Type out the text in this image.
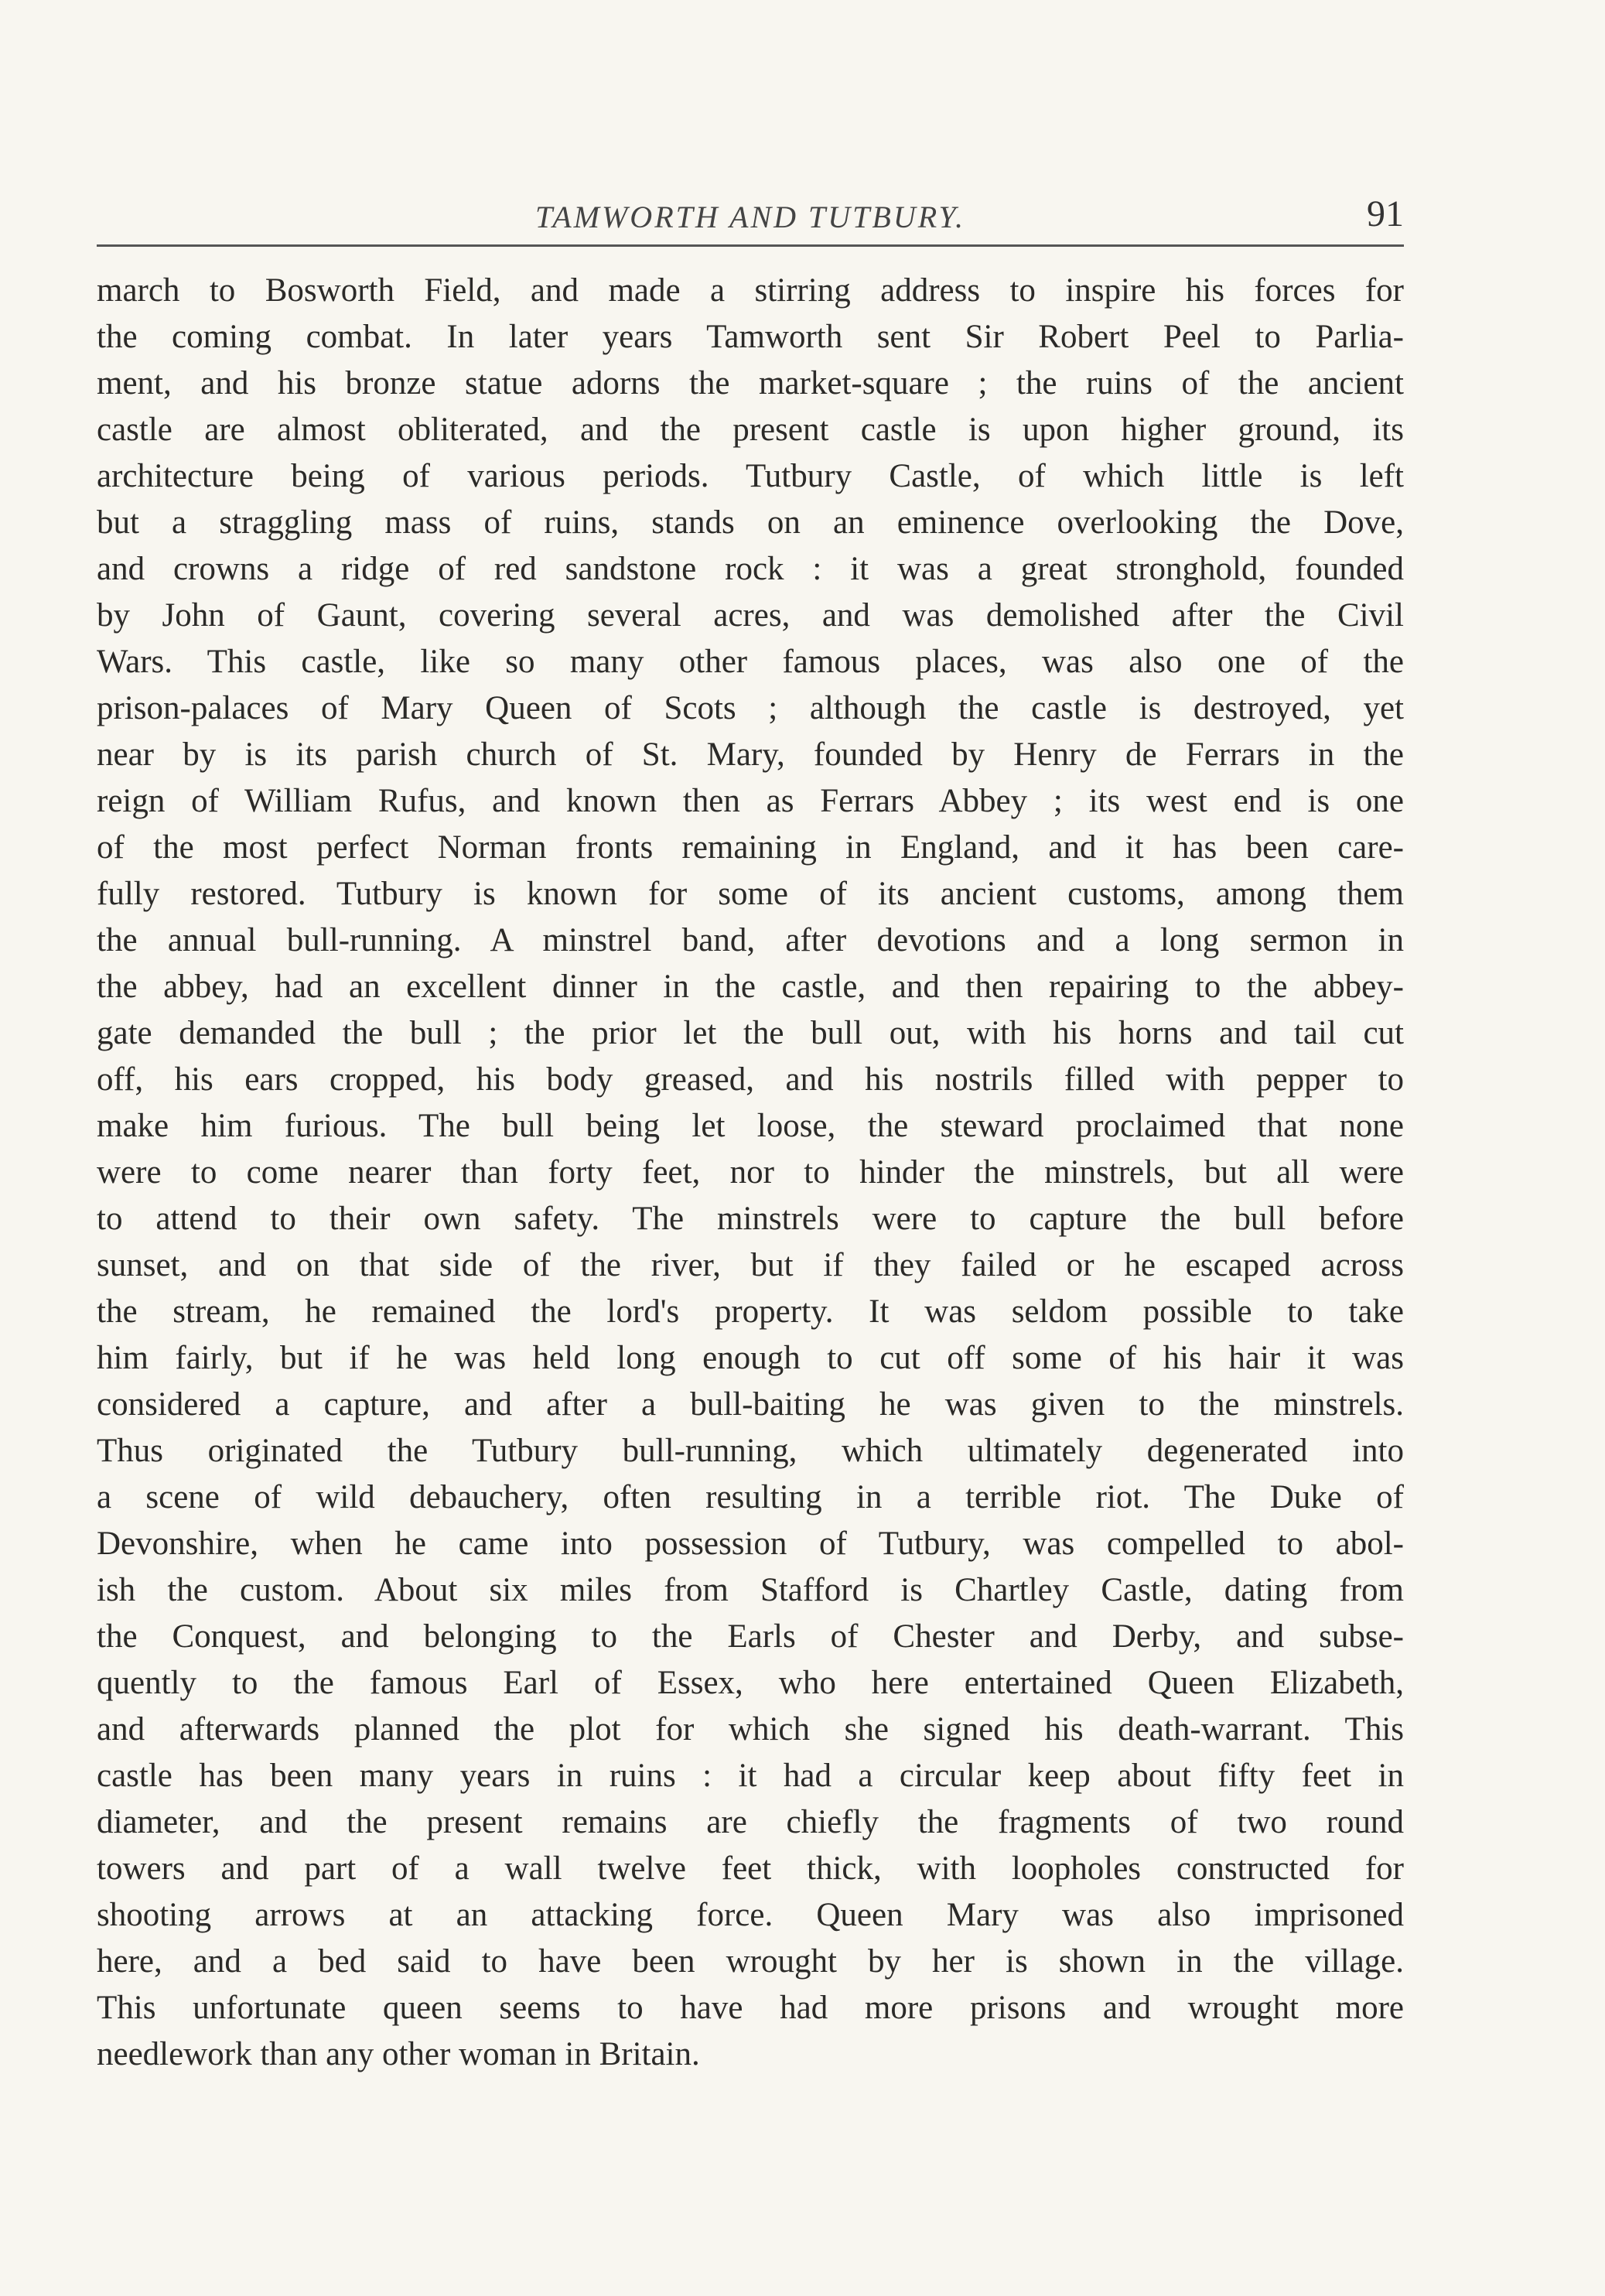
TAMWORTH AND TUTBURY.	91
march to Bosworth Field, and made a stirring address to inspire his forces for
the coming combat. In later years Tamworth sent Sir Robert Peel to Parlia-
ment, and his bronze statue adorns the market-square ; the ruins of the ancient
castle are almost obliterated, and the present castle is upon higher ground, its
architecture being of various periods. Tutbury Castle, of which little is left
but a straggling mass of ruins, stands on an eminence overlooking the Dove,
and crowns a ridge of red sandstone rock : it was a great stronghold, founded
by John of Gaunt, covering several acres, and was demolished after the Civil
Wars. This castle, like so many other famous places, was also one of the
prison-palaces of Mary Queen of Scots ; although the castle is destroyed, yet
near by is its parish church of St. Mary, founded by Henry de Ferrars in the
reign of William Rufus, and known then as Ferrars Abbey ; its west end is one
of the most perfect Norman fronts remaining in England, and it has been care-
fully restored. Tutbury is known for some of its ancient customs, among them
the annual bull-running. A minstrel band, after devotions and a long sermon in
the abbey, had an excellent dinner in the castle, and then repairing to the abbey-
gate demanded the bull ; the prior let the bull out, with his horns and tail cut
off, his ears cropped, his body greased, and his nostrils filled with pepper to
make him furious. The bull being let loose, the steward proclaimed that none
were to come nearer than forty feet, nor to hinder the minstrels, but all were
to attend to their own safety. The minstrels were to capture the bull before
sunset, and on that side of the river, but if they failed or he escaped across
the stream, he remained the lord's property. It was seldom possible to take
him fairly, but if he was held long enough to cut off some of his hair it was
considered a capture, and after a bull-baiting he was given to the minstrels.
Thus originated the Tutbury bull-running, which ultimately degenerated into
a scene of wild debauchery, often resulting in a terrible riot. The Duke of
Devonshire, when he came into possession of Tutbury, was compelled to abol-
ish the custom. About six miles from Stafford is Chartley Castle, dating from
the Conquest, and belonging to the Earls of Chester and Derby, and subse-
quently to the famous Earl of Essex, who here entertained Queen Elizabeth,
and afterwards planned the plot for which she signed his death-warrant. This
castle has been many years in ruins : it had a circular keep about fifty feet in
diameter, and the present remains are chiefly the fragments of two round
towers and part of a wall twelve feet thick, with loopholes constructed for
shooting arrows at an attacking force. Queen Mary was also imprisoned
here, and a bed said to have been wrought by her is shown in the village.
This unfortunate queen seems to have had more prisons and wrought more
needlework than any other woman in Britain.
